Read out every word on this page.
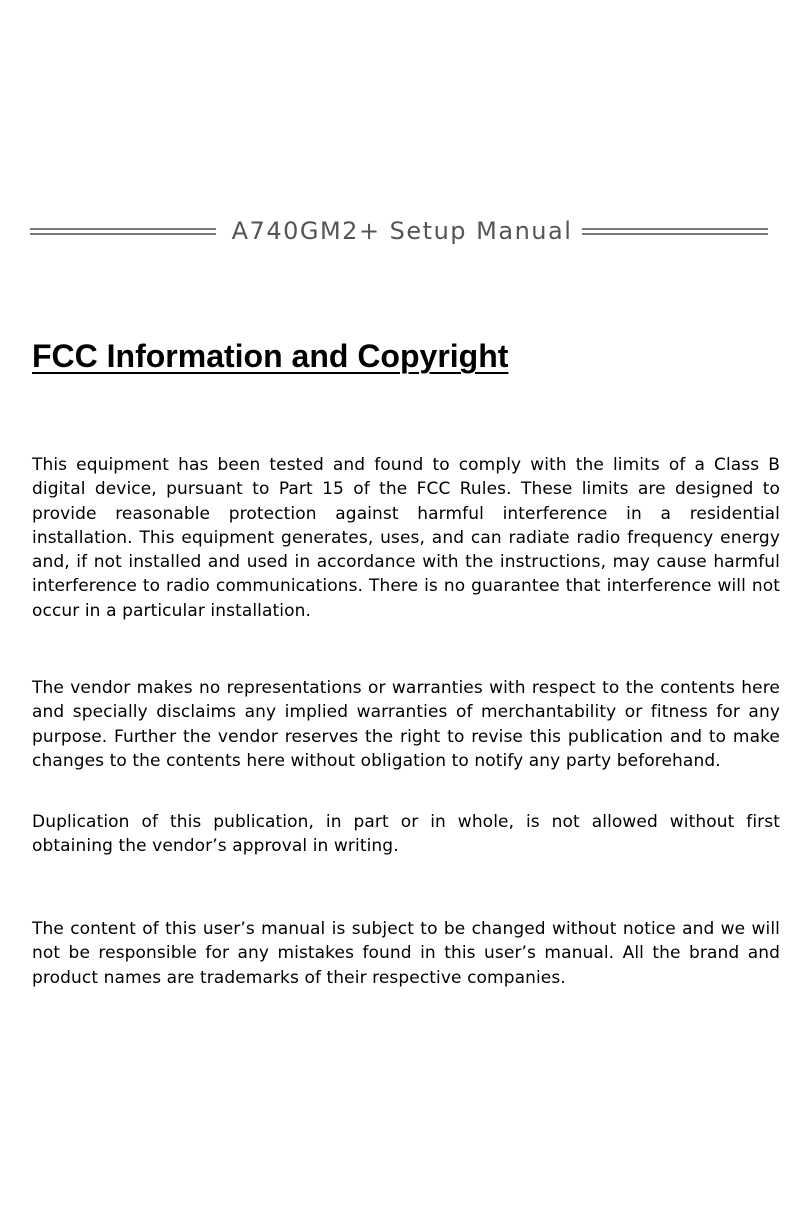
A740GM2+ Setup Manual
FCC Information and Copyright

This equipment has been tested and found to comply with the limits of a Class B digital device, pursuant to Part 15 of the FCC Rules. These limits are designed to provide reasonable protection against harmful interference in a residential installation. This equipment generates, uses, and can radiate radio frequency energy and, if not installed and used in accordance with the instructions, may cause harmful interference to radio communications. There is no guarantee that interference will not occur in a particular installation.

The vendor makes no representations or warranties with respect to the contents here and specially disclaims any implied warranties of merchantability or fitness for any purpose. Further the vendor reserves the right to revise this publication and to make changes to the contents here without obligation to notify any party beforehand.

Duplication of this publication, in part or in whole, is not allowed without first obtaining the vendor’s approval in writing.

The content of this user’s manual is subject to be changed without notice and we will not be responsible for any mistakes found in this user’s manual. All the brand and product names are trademarks of their respective companies.
